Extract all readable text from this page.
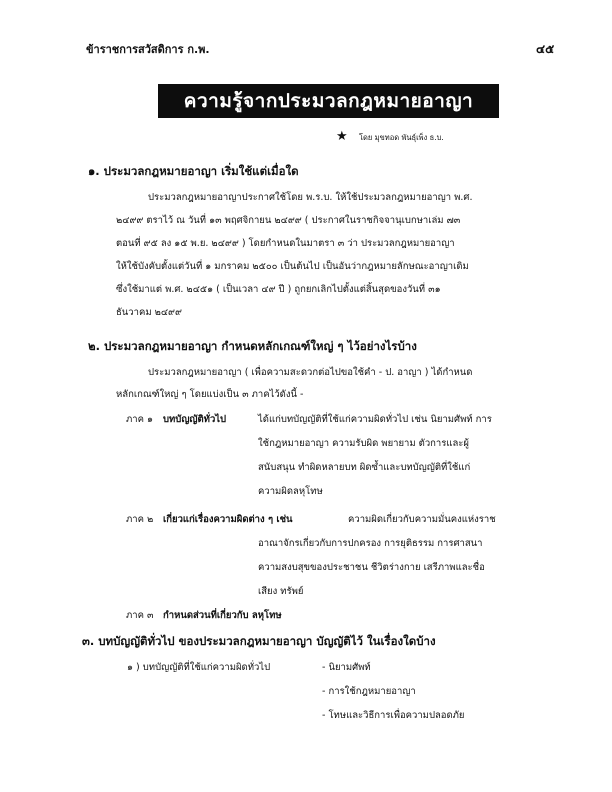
ข้าราชการสวัสดิการ ก.พ.	๔๕
ความรู้จากประมวลกฎหมายอาญา
★ โดย มุขทอด พันธุ์เพ็ง ธ.บ.
๑. ประมวลกฎหมายอาญา เริ่มใช้แต่เมื่อใด
ประมวลกฎหมายอาญาประกาศใช้โดย พ.ร.บ. ให้ใช้ประมวลกฎหมายอาญา พ.ศ.
๒๔๙๙ ตราไว้ ณ วันที่ ๑๓ พฤศจิกายน ๒๔๙๙ ( ประกาศในราชกิจจานุเบกษาเล่ม ๗๓
ตอนที่ ๙๕ ลง ๑๕ พ.ย. ๒๔๙๙ ) โดยกำหนดในมาตรา ๓ ว่า ประมวลกฎหมายอาญา
ให้ใช้บังคับตั้งแต่วันที่ ๑ มกราคม ๒๕๐๐ เป็นต้นไป เป็นอันว่ากฎหมายลักษณะอาญาเดิม
ซึ่งใช้มาแต่ พ.ศ. ๒๔๕๑ ( เป็นเวลา ๔๙ ปี ) ถูกยกเลิกไปตั้งแต่สิ้นสุดของวันที่ ๓๑
ธันวาคม ๒๔๙๙
๒. ประมวลกฎหมายอาญา กำหนดหลักเกณฑ์ใหญ่ ๆ ไว้อย่างไรบ้าง
ประมวลกฎหมายอาญา ( เพื่อความสะดวกต่อไปขอใช้คำ - ป. อาญา ) ได้กำหนด
หลักเกณฑ์ใหญ่ ๆ โดยแบ่งเป็น ๓ ภาคไว้ดังนี้ -
ภาค ๑ บทบัญญัติทั่วไป	ได้แก่บทบัญญัติที่ใช้แก่ความผิดทั่วไป เช่น นิยามศัพท์ การ
ใช้กฎหมายอาญา ความรับผิด พยายาม ตัวการและผู้
สนับสนุน ทำผิดหลายบท ผิดซ้ำและบทบัญญัติที่ใช้แก่
ความผิดลหุโทษ
ภาค ๒ เกี่ยวแก่เรื่องความผิดต่าง ๆ เช่น	ความผิดเกี่ยวกับความมั่นคงแห่งราช
อาณาจักรเกี่ยวกับการปกครอง การยุติธรรม การศาสนา
ความสงบสุขของประชาชน ชีวิตร่างกาย เสรีภาพและชื่อ
เสียง ทรัพย์
ภาค ๓ กำหนดส่วนที่เกี่ยวกับ ลหุโทษ
๓. บทบัญญัติทั่วไป ของประมวลกฎหมายอาญา บัญญัติไว้ ในเรื่องใดบ้าง
๑ ) บทบัญญัติที่ใช้แก่ความผิดทั่วไป	- นิยามศัพท์
- การใช้กฎหมายอาญา
- โทษและวิธีการเพื่อความปลอดภัย
